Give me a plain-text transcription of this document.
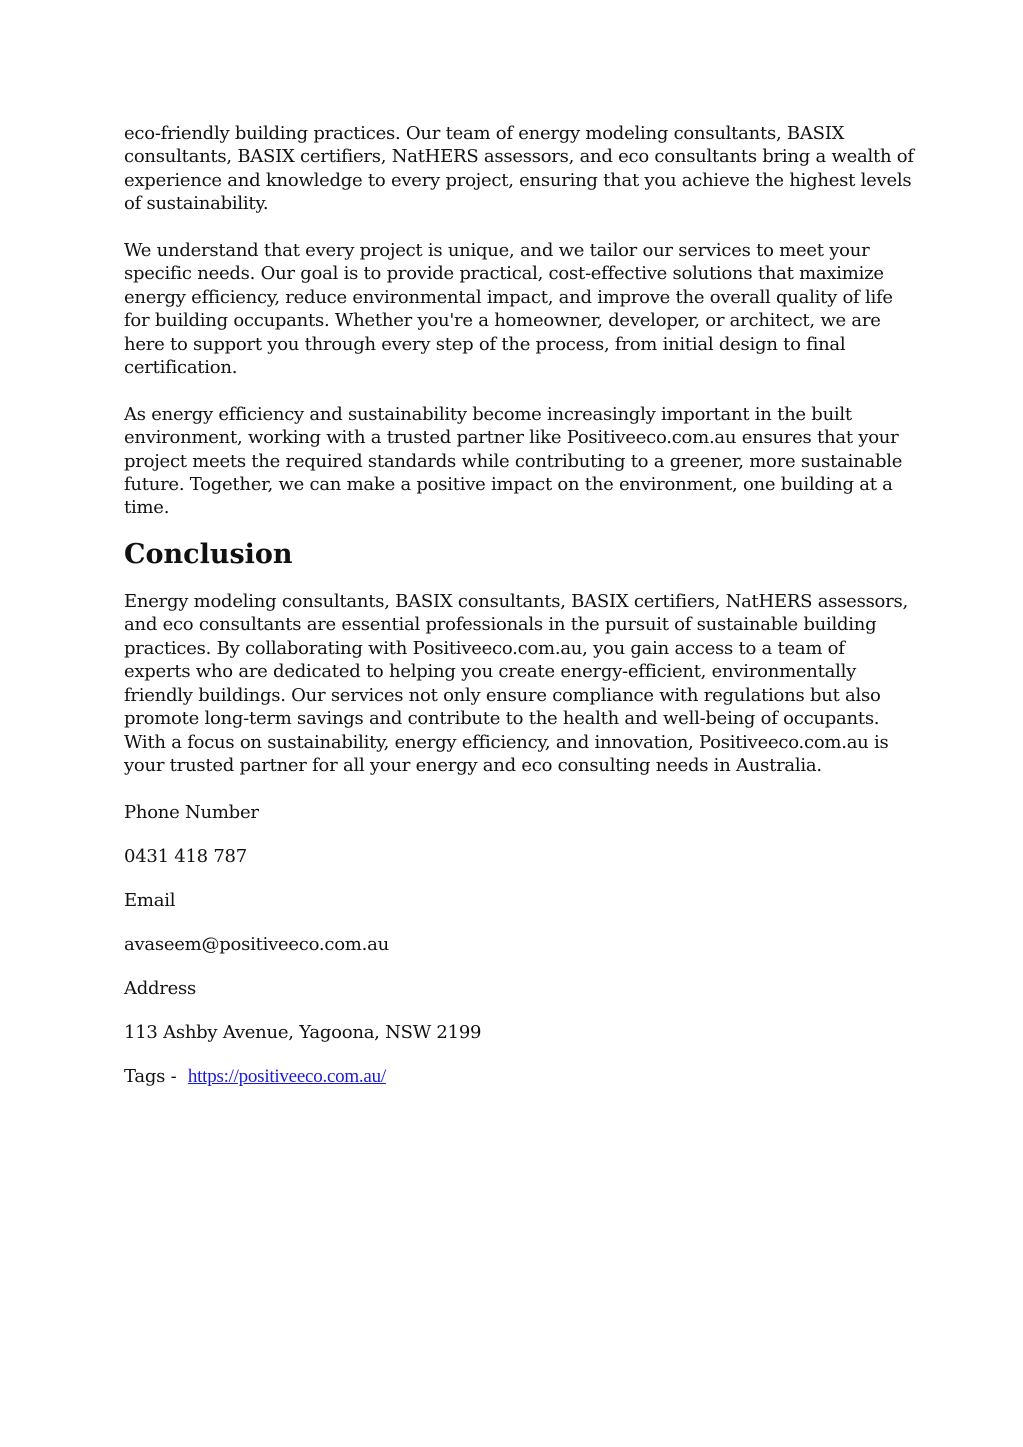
eco-friendly building practices. Our team of energy modeling consultants, BASIX consultants, BASIX certifiers, NatHERS assessors, and eco consultants bring a wealth of experience and knowledge to every project, ensuring that you achieve the highest levels of sustainability.

We understand that every project is unique, and we tailor our services to meet your specific needs. Our goal is to provide practical, cost-effective solutions that maximize energy efficiency, reduce environmental impact, and improve the overall quality of life for building occupants. Whether you're a homeowner, developer, or architect, we are here to support you through every step of the process, from initial design to final certification.

As energy efficiency and sustainability become increasingly important in the built environment, working with a trusted partner like Positiveeco.com.au ensures that your project meets the required standards while contributing to a greener, more sustainable future. Together, we can make a positive impact on the environment, one building at a time.

Conclusion

Energy modeling consultants, BASIX consultants, BASIX certifiers, NatHERS assessors, and eco consultants are essential professionals in the pursuit of sustainable building practices. By collaborating with Positiveeco.com.au, you gain access to a team of experts who are dedicated to helping you create energy-efficient, environmentally friendly buildings. Our services not only ensure compliance with regulations but also promote long-term savings and contribute to the health and well-being of occupants. With a focus on sustainability, energy efficiency, and innovation, Positiveeco.com.au is your trusted partner for all your energy and eco consulting needs in Australia.

Phone Number

0431 418 787

Email

avaseem@positiveeco.com.au

Address

113 Ashby Avenue, Yagoona, NSW 2199

Tags - https://positiveeco.com.au/
